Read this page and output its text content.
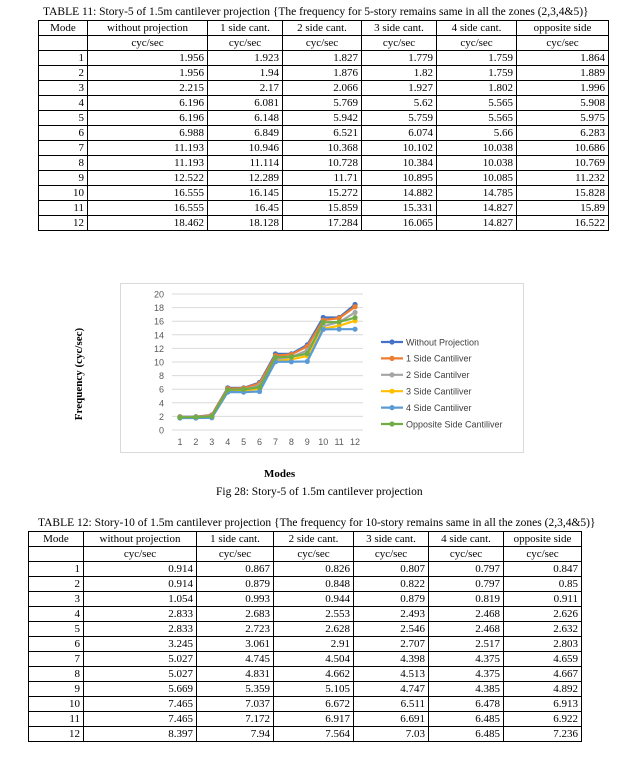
TABLE 11: Story-5 of 1.5m cantilever projection {The frequency for 5-story remains same in all the zones (2,3,4&5)}
Mode	without projection	1 side cant.	2 side cant.	3 side cant.	4 side cant.	opposite side
	cyc/sec	cyc/sec	cyc/sec	cyc/sec	cyc/sec	cyc/sec
1	1.956	1.923	1.827	1.779	1.759	1.864
2	1.956	1.94	1.876	1.82	1.759	1.889
3	2.215	2.17	2.066	1.927	1.802	1.996
4	6.196	6.081	5.769	5.62	5.565	5.908
5	6.196	6.148	5.942	5.759	5.565	5.975
6	6.988	6.849	6.521	6.074	5.66	6.283
7	11.193	10.946	10.368	10.102	10.038	10.686
8	11.193	11.114	10.728	10.384	10.038	10.769
9	12.522	12.289	11.71	10.895	10.085	11.232
10	16.555	16.145	15.272	14.882	14.785	15.828
11	16.555	16.45	15.859	15.331	14.827	15.89
12	18.462	18.128	17.284	16.065	14.827	16.522
0
2
4
6
8
10
12
14
16
18
20
1 2 3 4 5 6 7 8 9 10 11 12
Without Projection
1 Side Cantiliver
2 Side Cantilver
3 Side Cantiliver
4 Side Cantiliver
Opposite Side Cantiliver
Frequency (cyc/sec)
Modes
Fig 28: Story-5 of 1.5m cantilever projection
TABLE 12: Story-10 of 1.5m cantilever projection {The frequency for 10-story remains same in all the zones (2,3,4&5)}
Mode	without projection	1 side cant.	2 side cant.	3 side cant.	4 side cant.	opposite side
	cyc/sec	cyc/sec	cyc/sec	cyc/sec	cyc/sec	cyc/sec
1	0.914	0.867	0.826	0.807	0.797	0.847
2	0.914	0.879	0.848	0.822	0.797	0.85
3	1.054	0.993	0.944	0.879	0.819	0.911
4	2.833	2.683	2.553	2.493	2.468	2.626
5	2.833	2.723	2.628	2.546	2.468	2.632
6	3.245	3.061	2.91	2.707	2.517	2.803
7	5.027	4.745	4.504	4.398	4.375	4.659
8	5.027	4.831	4.662	4.513	4.375	4.667
9	5.669	5.359	5.105	4.747	4.385	4.892
10	7.465	7.037	6.672	6.511	6.478	6.913
11	7.465	7.172	6.917	6.691	6.485	6.922
12	8.397	7.94	7.564	7.03	6.485	7.236
